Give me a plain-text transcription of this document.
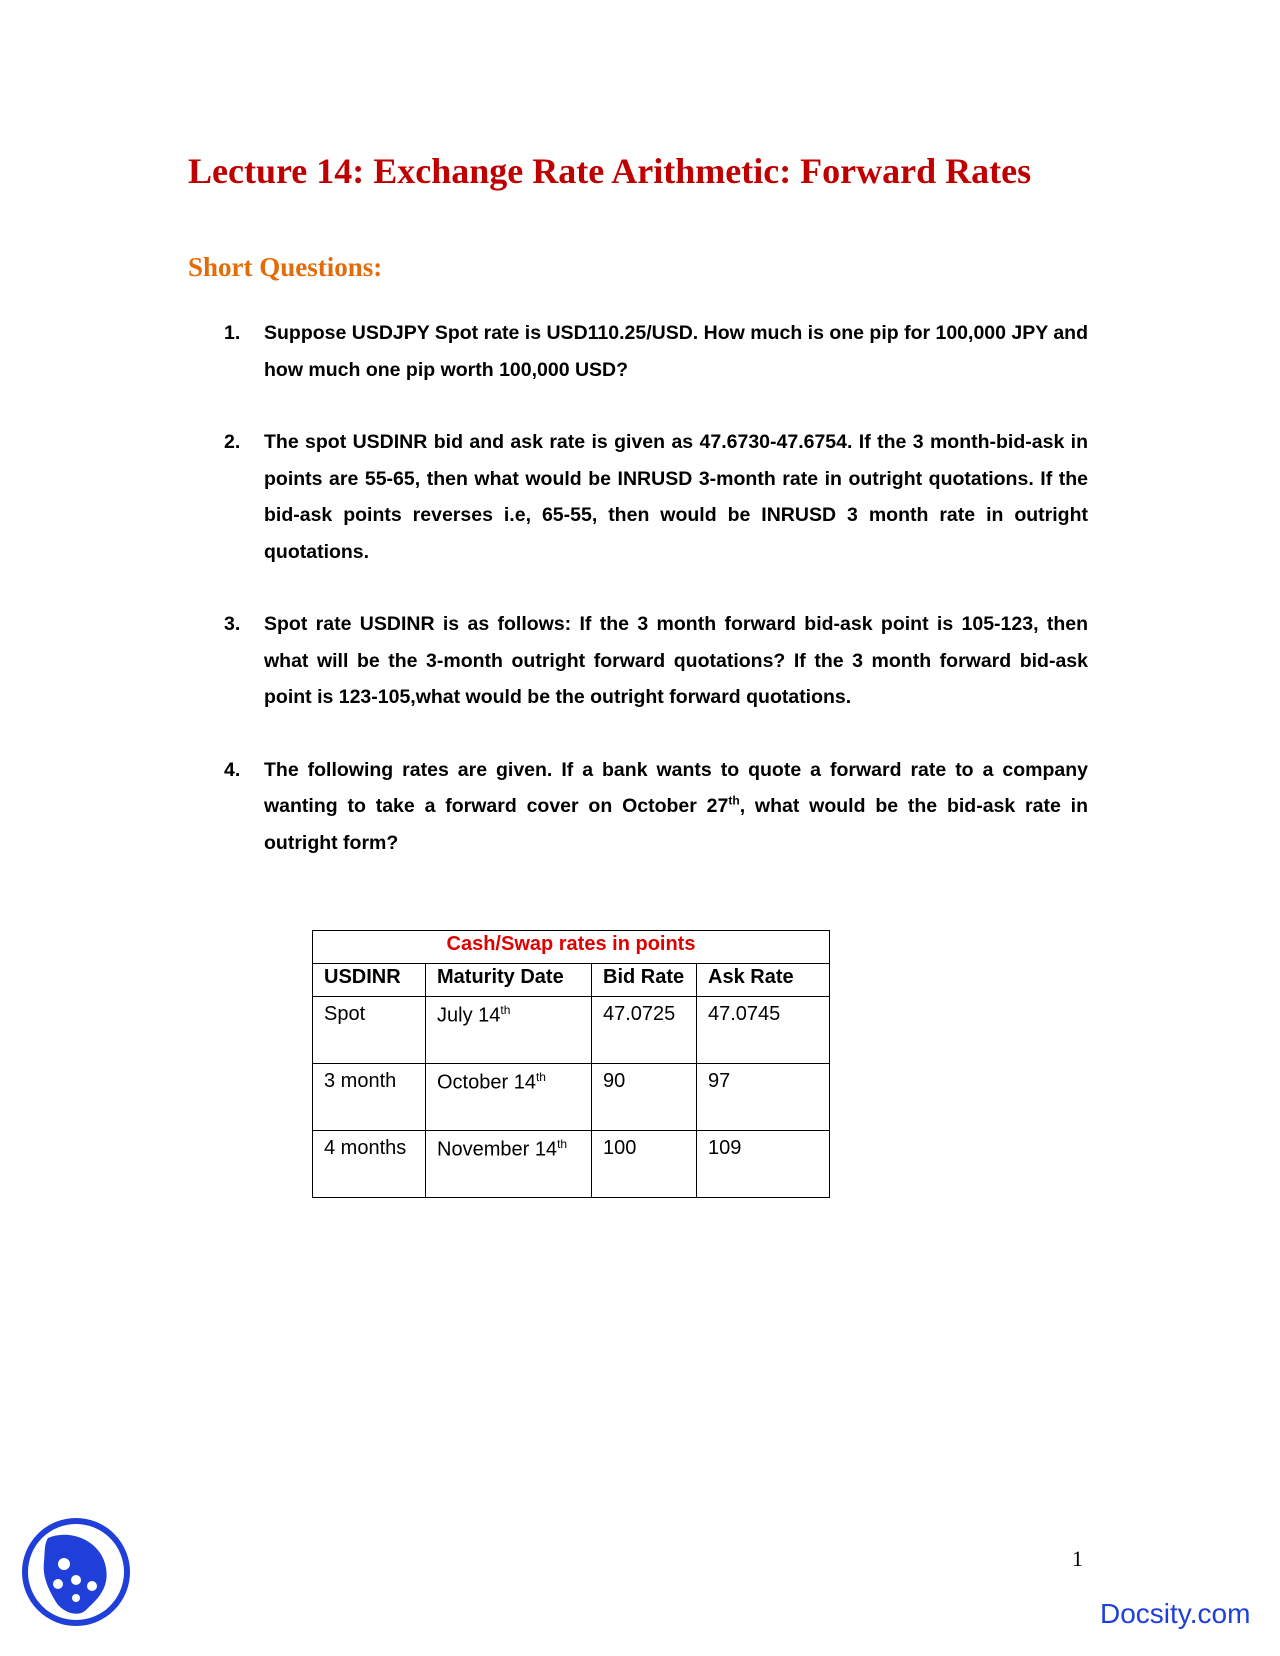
Lecture 14: Exchange Rate Arithmetic: Forward Rates
Short Questions:
1. Suppose USDJPY Spot rate is USD110.25/USD. How much is one pip for 100,000 JPY and how much one pip worth 100,000 USD?
2. The spot USDINR bid and ask rate is given as 47.6730-47.6754. If the 3 month-bid-ask in points are 55-65, then what would be INRUSD 3-month rate in outright quotations. If the bid-ask points reverses i.e, 65-55, then would be INRUSD 3 month rate in outright quotations.
3. Spot rate USDINR is as follows: If the 3 month forward bid-ask point is 105-123, then what will be the 3-month outright forward quotations? If the 3 month forward bid-ask point is 123-105,what would be the outright forward quotations.
4. The following rates are given. If a bank wants to quote a forward rate to a company wanting to take a forward cover on October 27th, what would be the bid-ask rate in outright form?
Cash/Swap rates in points			
USDINR	Maturity Date	Bid Rate	Ask Rate
Spot	July 14th	47.0725	47.0745
3 month	October 14th	90	97
4 months	November 14th	100	109
1
Docsity.com
